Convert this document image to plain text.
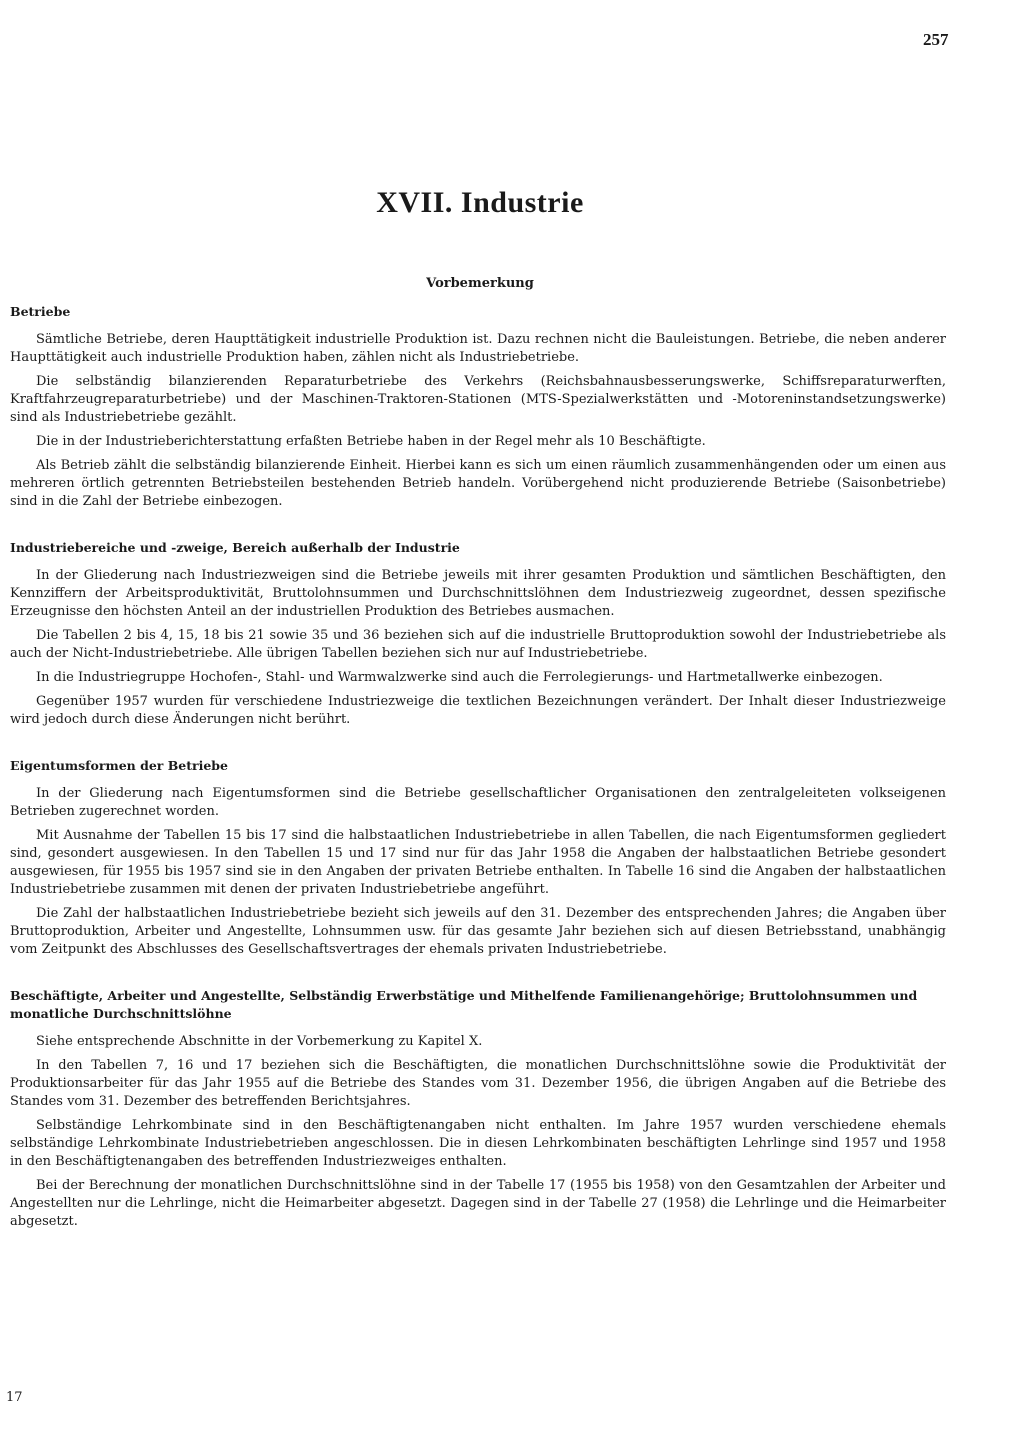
257
XVII. Industrie
Vorbemerkung
Betriebe

Sämtliche Betriebe, deren Haupttätigkeit industrielle Produktion ist. Dazu rechnen nicht die Bauleistungen. Betriebe, die neben anderer Haupttätigkeit auch industrielle Produktion haben, zählen nicht als Industriebetriebe.

Die selbständig bilanzierenden Reparaturbetriebe des Verkehrs (Reichsbahnausbesserungswerke, Schiffsreparaturwerften, Kraftfahrzeugreparaturbetriebe) und der Maschinen-Traktoren-Stationen (MTS-Spezialwerkstätten und -Motoreninstandsetzungswerke) sind als Industriebetriebe gezählt.

Die in der Industrieberichterstattung erfaßten Betriebe haben in der Regel mehr als 10 Beschäftigte.

Als Betrieb zählt die selbständig bilanzierende Einheit. Hierbei kann es sich um einen räumlich zusammenhängenden oder um einen aus mehreren örtlich getrennten Betriebsteilen bestehenden Betrieb handeln. Vorübergehend nicht produzierende Betriebe (Saisonbetriebe) sind in die Zahl der Betriebe einbezogen.

Industriebereiche und -zweige, Bereich außerhalb der Industrie

In der Gliederung nach Industriezweigen sind die Betriebe jeweils mit ihrer gesamten Produktion und sämtlichen Beschäftigten, den Kennziffern der Arbeitsproduktivität, Bruttolohnsummen und Durchschnittslöhnen dem Industriezweig zugeordnet, dessen spezifische Erzeugnisse den höchsten Anteil an der industriellen Produktion des Betriebes ausmachen.

Die Tabellen 2 bis 4, 15, 18 bis 21 sowie 35 und 36 beziehen sich auf die industrielle Bruttoproduktion sowohl der Industriebetriebe als auch der Nicht-Industriebetriebe. Alle übrigen Tabellen beziehen sich nur auf Industriebetriebe.

In die Industriegruppe Hochofen-, Stahl- und Warmwalzwerke sind auch die Ferrolegierungs- und Hartmetallwerke einbezogen.

Gegenüber 1957 wurden für verschiedene Industriezweige die textlichen Bezeichnungen verändert. Der Inhalt dieser Industriezweige wird jedoch durch diese Änderungen nicht berührt.

Eigentumsformen der Betriebe

In der Gliederung nach Eigentumsformen sind die Betriebe gesellschaftlicher Organisationen den zentralgeleiteten volkseigenen Betrieben zugerechnet worden.

Mit Ausnahme der Tabellen 15 bis 17 sind die halbstaatlichen Industriebetriebe in allen Tabellen, die nach Eigentumsformen gegliedert sind, gesondert ausgewiesen. In den Tabellen 15 und 17 sind nur für das Jahr 1958 die Angaben der halbstaatlichen Betriebe gesondert ausgewiesen, für 1955 bis 1957 sind sie in den Angaben der privaten Betriebe enthalten. In Tabelle 16 sind die Angaben der halbstaatlichen Industriebetriebe zusammen mit denen der privaten Industriebetriebe angeführt.

Die Zahl der halbstaatlichen Industriebetriebe bezieht sich jeweils auf den 31. Dezember des entsprechenden Jahres; die Angaben über Bruttoproduktion, Arbeiter und Angestellte, Lohnsummen usw. für das gesamte Jahr beziehen sich auf diesen Betriebsstand, unabhängig vom Zeitpunkt des Abschlusses des Gesellschaftsvertrages der ehemals privaten Industriebetriebe.

Beschäftigte, Arbeiter und Angestellte, Selbständig Erwerbstätige und Mithelfende Familienangehörige; Bruttolohnsummen und monatliche Durchschnittslöhne

Siehe entsprechende Abschnitte in der Vorbemerkung zu Kapitel X.

In den Tabellen 7, 16 und 17 beziehen sich die Beschäftigten, die monatlichen Durchschnittslöhne sowie die Produktivität der Produktionsarbeiter für das Jahr 1955 auf die Betriebe des Standes vom 31. Dezember 1956, die übrigen Angaben auf die Betriebe des Standes vom 31. Dezember des betreffenden Berichtsjahres.

Selbständige Lehrkombinate sind in den Beschäftigtenangaben nicht enthalten. Im Jahre 1957 wurden verschiedene ehemals selbständige Lehrkombinate Industriebetrieben angeschlossen. Die in diesen Lehrkombinaten beschäftigten Lehrlinge sind 1957 und 1958 in den Beschäftigtenangaben des betreffenden Industriezweiges enthalten.

Bei der Berechnung der monatlichen Durchschnittslöhne sind in der Tabelle 17 (1955 bis 1958) von den Gesamtzahlen der Arbeiter und Angestellten nur die Lehrlinge, nicht die Heimarbeiter abgesetzt. Dagegen sind in der Tabelle 27 (1958) die Lehrlinge und die Heimarbeiter abgesetzt.

17
